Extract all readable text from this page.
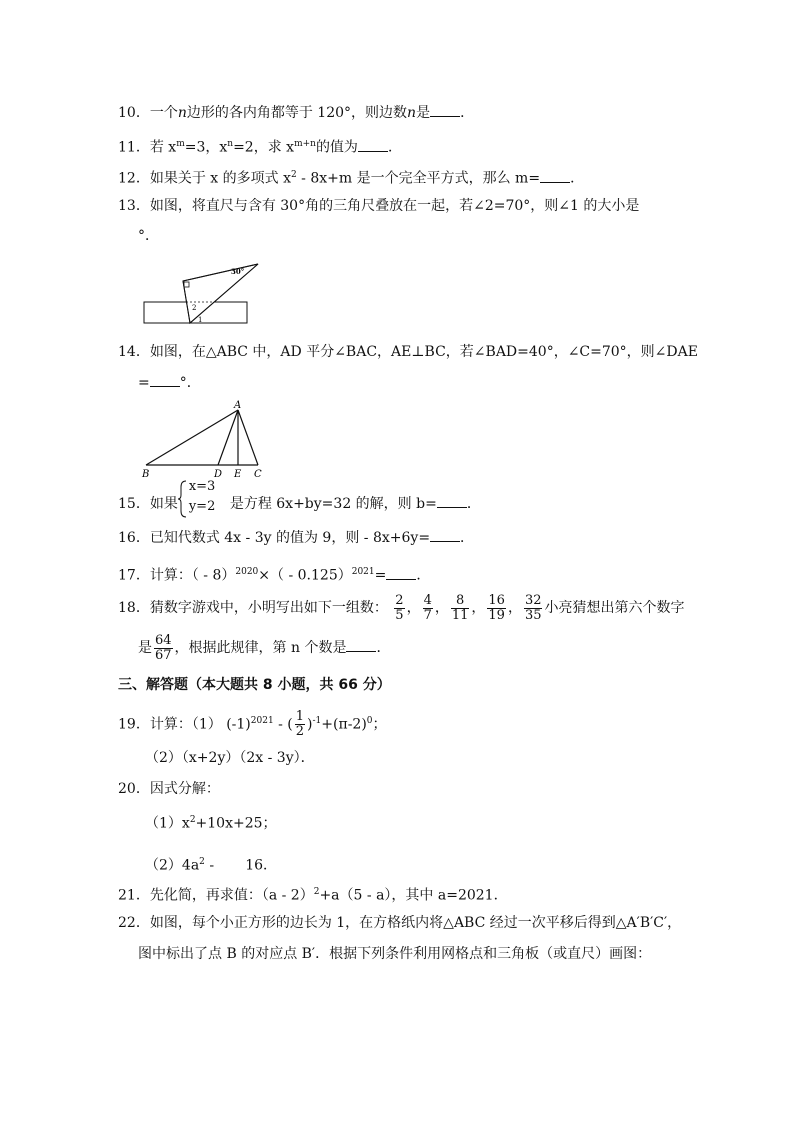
10．一个n边形的各内角都等于 120°，则边数n是 ．
11．若 $x^m=3$，$x^n=2$，求 $x^{m+n}$的值为 ．
12．如果关于 x 的多项式 $x^2 - 8x+m$ 是一个完全平方式，那么 m= ．
13．如图，将直尺与含有 30°角的三角尺叠放在一起，若∠2=70°，则∠1 的大小是
°．
30°
2
1
14．如图，在△ABC 中，AD 平分∠BAC，AE⊥BC，若∠BAD=40°，∠C=70°，则∠DAE
= °．
A
B	D E C
15．如果
x=3
y=2 是方程 6x+by=32 的解，则 b= ．
16．已知代数式 4x - 3y 的值为 9，则 - 8x+6y= ．
17．计算：（ - 8）$^{2020}$×（ - 0.125）$^{2021}$= ．
18．猜数字游戏中，小明写出如下一组数： $\frac{2}{5}$ ， $\frac{4}{7}$ ， $\frac{8}{11}$ ， $\frac{16}{19}$ ， $\frac{32}{35}$ 小亮猜想出第六个数字
是 $\frac{64}{67}$ ，根据此规律，第 n 个数是 ．
三、解答题（本大题共 8 小题，共 66 分）
19．计算：（1） $(-1)^{2021}$ - ( $\frac{1}{2} )^{-1}+(\pi-2)^0$；
（2）（x+2y）（2x - 3y）．
20．因式分解：
$(1)x^2+10x+25$；
$(2)4a^2$ -       16．
21．先化简，再求值：（a - 2）$^2$+a（5 - a），其中 a=2021．
22．如图，每个小正方形的边长为 1，在方格纸内将△ABC 经过一次平移后得到△A′B′C′，
图中标出了点 B 的对应点 B′．根据下列条件利用网格点和三角板（或直尺）画图：
